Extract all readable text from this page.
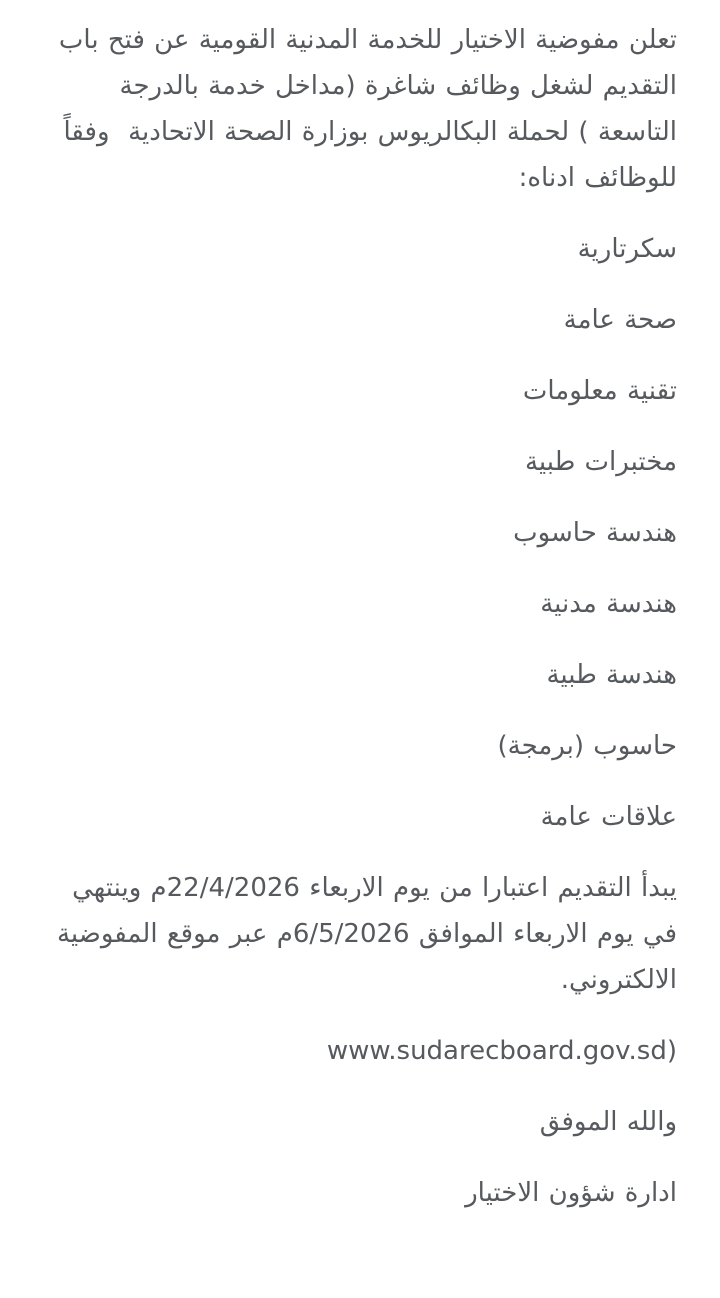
تعلن مفوضية الاختيار للخدمة المدنية القومية عن فتح باب التقديم لشغل وظائف شاغرة (مداخل خدمة بالدرجة التاسعة ) لحملة البكالريوس بوزارة الصحة الاتحادية  وفقاً للوظائف ادناه:

سكرتارية

صحة عامة

تقنية معلومات

مختبرات طبية

هندسة حاسوب

هندسة مدنية

هندسة طبية

حاسوب (برمجة)

علاقات عامة

يبدأ التقديم اعتبارا من يوم الاربعاء 22/4/2026م وينتهي في يوم الاربعاء الموافق 6/5/2026م عبر موقع المفوضية الالكتروني.

(www.sudarecboard.gov.sd

والله الموفق

ادارة شؤون الاختيار
